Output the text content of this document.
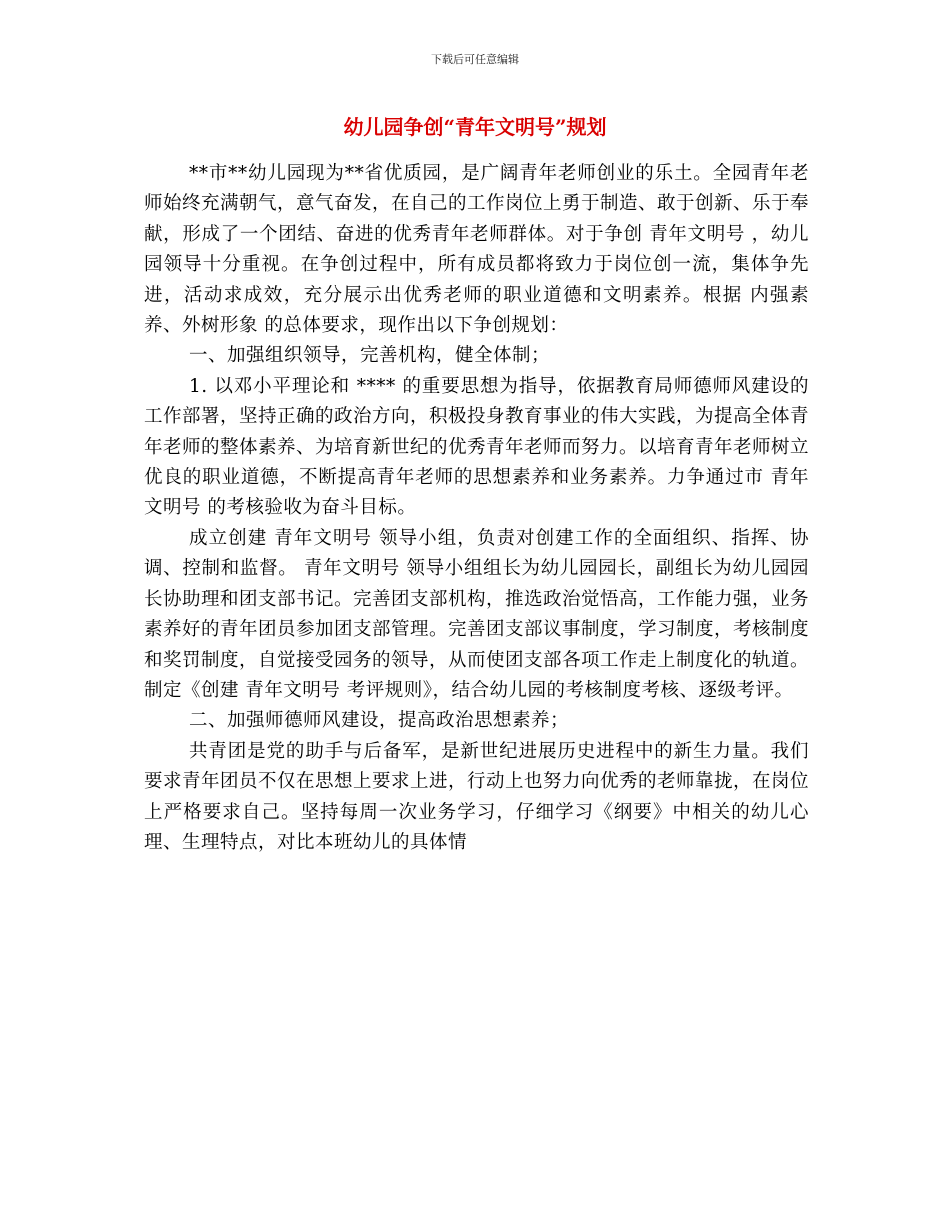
下载后可任意编辑
幼儿园争创“青年文明号”规划

**市**幼儿园现为**省优质园，是广阔青年老师创业的乐土。全园青年老师始终充满朝气，意气奋发，在自己的工作岗位上勇于制造、敢于创新、乐于奉献，形成了一个团结、奋进的优秀青年老师群体。对于争创 青年文明号 ，幼儿园领导十分重视。在争创过程中，所有成员都将致力于岗位创一流，集体争先进，活动求成效，充分展示出优秀老师的职业道德和文明素养。根据 内强素养、外树形象 的总体要求，现作出以下争创规划：

一、加强组织领导，完善机构，健全体制；

1. 以邓小平理论和 **** 的重要思想为指导，依据教育局师德师风建设的工作部署，坚持正确的政治方向，积极投身教育事业的伟大实践，为提高全体青年老师的整体素养、为培育新世纪的优秀青年老师而努力。以培育青年老师树立优良的职业道德，不断提高青年老师的思想素养和业务素养。力争通过市 青年文明号 的考核验收为奋斗目标。

成立创建 青年文明号 领导小组，负责对创建工作的全面组织、指挥、协调、控制和监督。 青年文明号 领导小组组长为幼儿园园长，副组长为幼儿园园长协助理和团支部书记。完善团支部机构，推选政治觉悟高，工作能力强，业务素养好的青年团员参加团支部管理。完善团支部议事制度，学习制度，考核制度和奖罚制度，自觉接受园务的领导，从而使团支部各项工作走上制度化的轨道。制定《创建 青年文明号 考评规则》，结合幼儿园的考核制度考核、逐级考评。

二、加强师德师风建设，提高政治思想素养；

共青团是党的助手与后备军，是新世纪进展历史进程中的新生力量。我们要求青年团员不仅在思想上要求上进，行动上也努力向优秀的老师靠拢，在岗位上严格要求自己。坚持每周一次业务学习，仔细学习《纲要》中相关的幼儿心理、生理特点，对比本班幼儿的具体情
